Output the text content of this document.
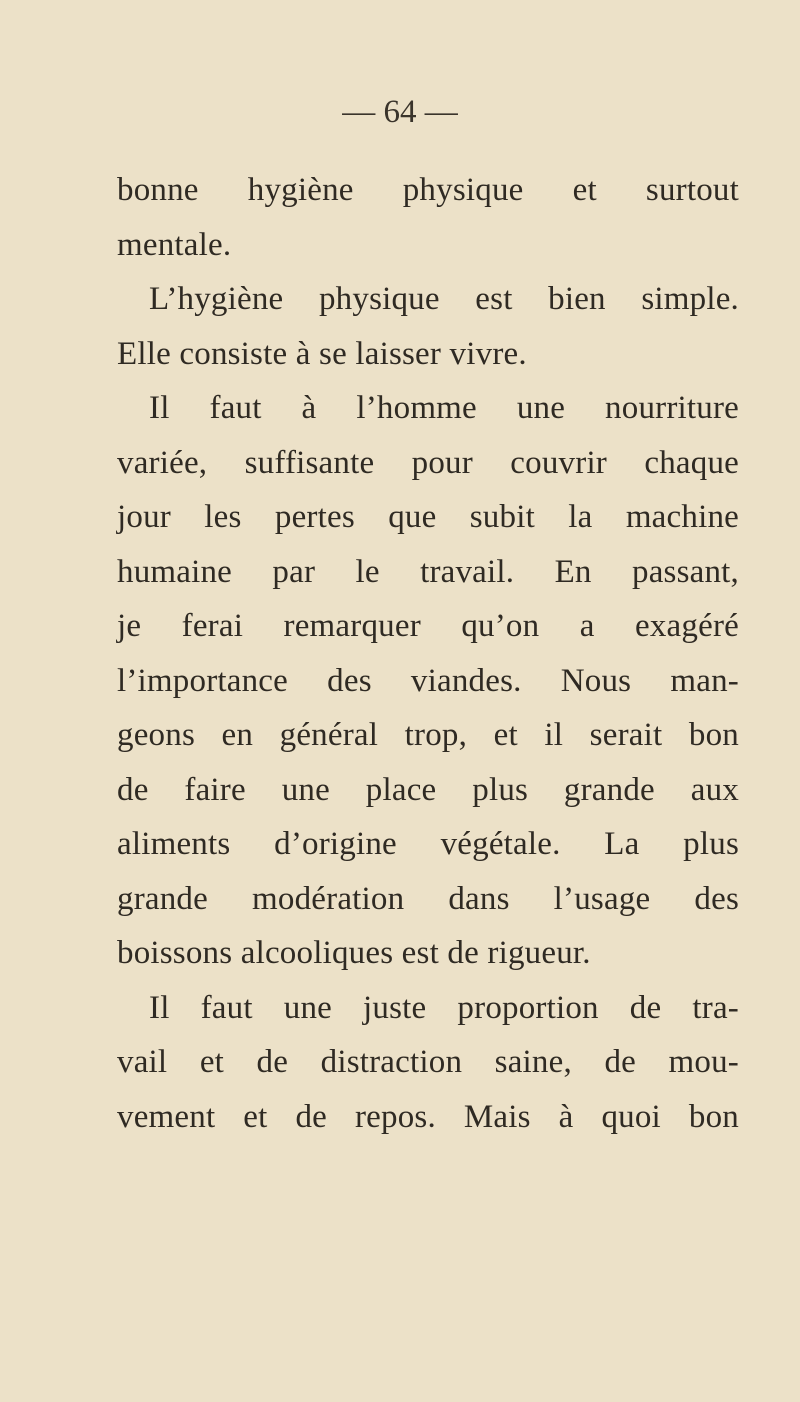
— 64 —
bonne hygiène physique et surtout
mentale.
L’hygiène physique est bien simple.
Elle consiste à se laisser vivre.
Il faut à l’homme une nourriture
variée, suffisante pour couvrir chaque
jour les pertes que subit la machine
humaine par le travail. En passant,
je ferai remarquer qu’on a exagéré
l’importance des viandes. Nous man-
geons en général trop, et il serait bon
de faire une place plus grande aux
aliments d’origine végétale. La plus
grande modération dans l’usage des
boissons alcooliques est de rigueur.
Il faut une juste proportion de tra-
vail et de distraction saine, de mou-
vement et de repos. Mais à quoi bon
